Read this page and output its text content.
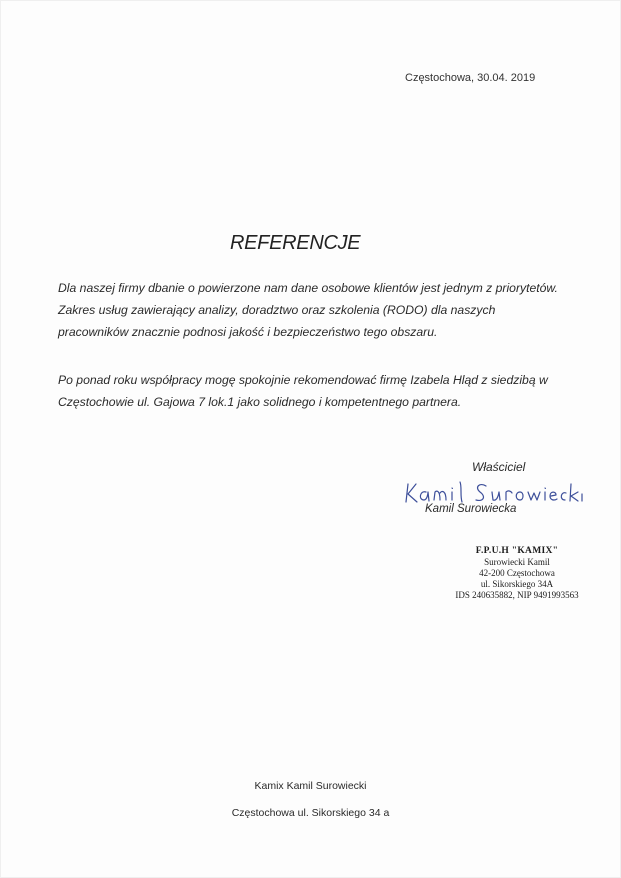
Częstochowa, 30.04. 2019
REFERENCJE

Dla naszej firmy dbanie o powierzone nam dane osobowe klientów jest jednym z priorytetów. Zakres usług zawierający analizy, doradztwo oraz szkolenia (RODO) dla naszych pracowników znacznie podnosi jakość i bezpieczeństwo tego obszaru.

Po ponad roku współpracy mogę spokojnie rekomendować firmę Izabela Hląd z siedzibą w Częstochowie ul. Gajowa 7 lok.1 jako solidnego i kompetentnego partnera.

Właściciel
Kamil Surowiecka
F.P.U.H "KAMIX"
Surowiecki Kamil
42-200 Częstochowa
ul. Sikorskiego 34A
IDS 240635882, NIP 9491993563
Kamix Kamil Surowiecki
Częstochowa ul. Sikorskiego 34 a
